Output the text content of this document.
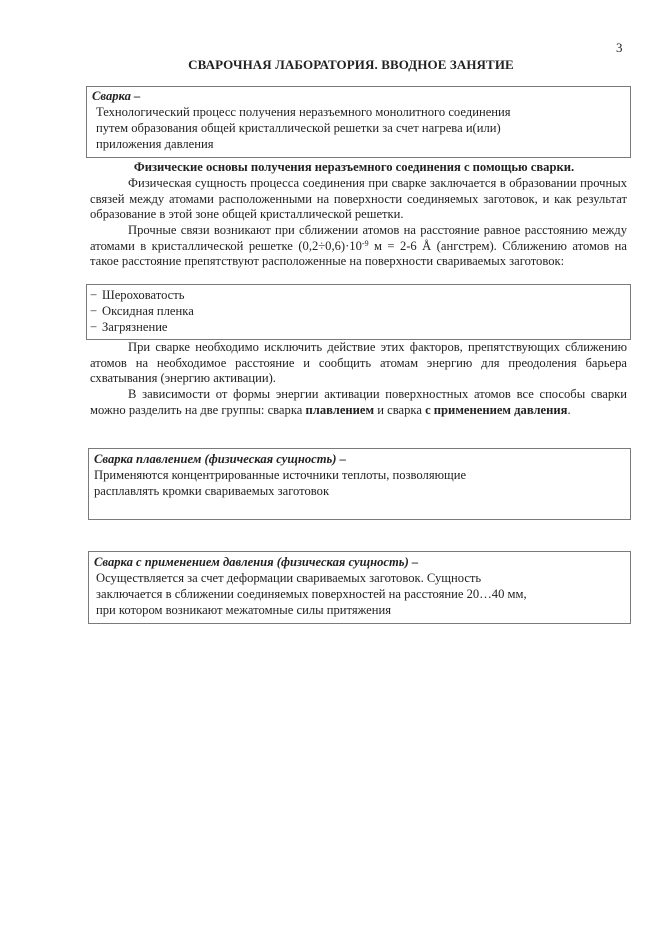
3
СВАРОЧНАЯ ЛАБОРАТОРИЯ. ВВОДНОЕ ЗАНЯТИЕ
Сварка –
Технологический процесс получения неразъемного монолитного соединения
путем образования общей кристаллической решетки за счет нагрева и(или)
приложения давления
Физические основы получения неразъемного соединения с помощью сварки.
Физическая сущность процесса соединения при сварке заключается в образовании прочных связей между атомами расположенными на поверхности соединяемых заготовок, и как результат образование в этой зоне общей кристаллической решетки.
Прочные связи возникают при сближении атомов на расстояние равное расстоянию между атомами в кристаллической решетке $(0,2\div 0,6)\cdot 10^{-9}$ м = 2-6 Å (ангстрем). Сближению атомов на такое расстояние препятствуют расположенные на поверхности свариваемых заготовок:
− Шероховатость
− Оксидная пленка
− Загрязнение
При сварке необходимо исключить действие этих факторов, препятствующих сближению атомов на необходимое расстояние и сообщить атомам энергию для преодоления барьера схватывания (энергию активации).
В зависимости от формы энергии активации поверхностных атомов все способы сварки можно разделить на две группы: сварка плавлением и сварка с применением давления.
Сварка плавлением (физическая сущность) –
Применяются концентрированные источники теплоты, позволяющие
расплавлять кромки свариваемых заготовок
Сварка с применением давления (физическая сущность) –
Осуществляется за счет деформации свариваемых заготовок. Сущность
заключается в сближении соединяемых поверхностей на расстояние 20…40 мм,
при котором возникают межатомные силы притяжения
